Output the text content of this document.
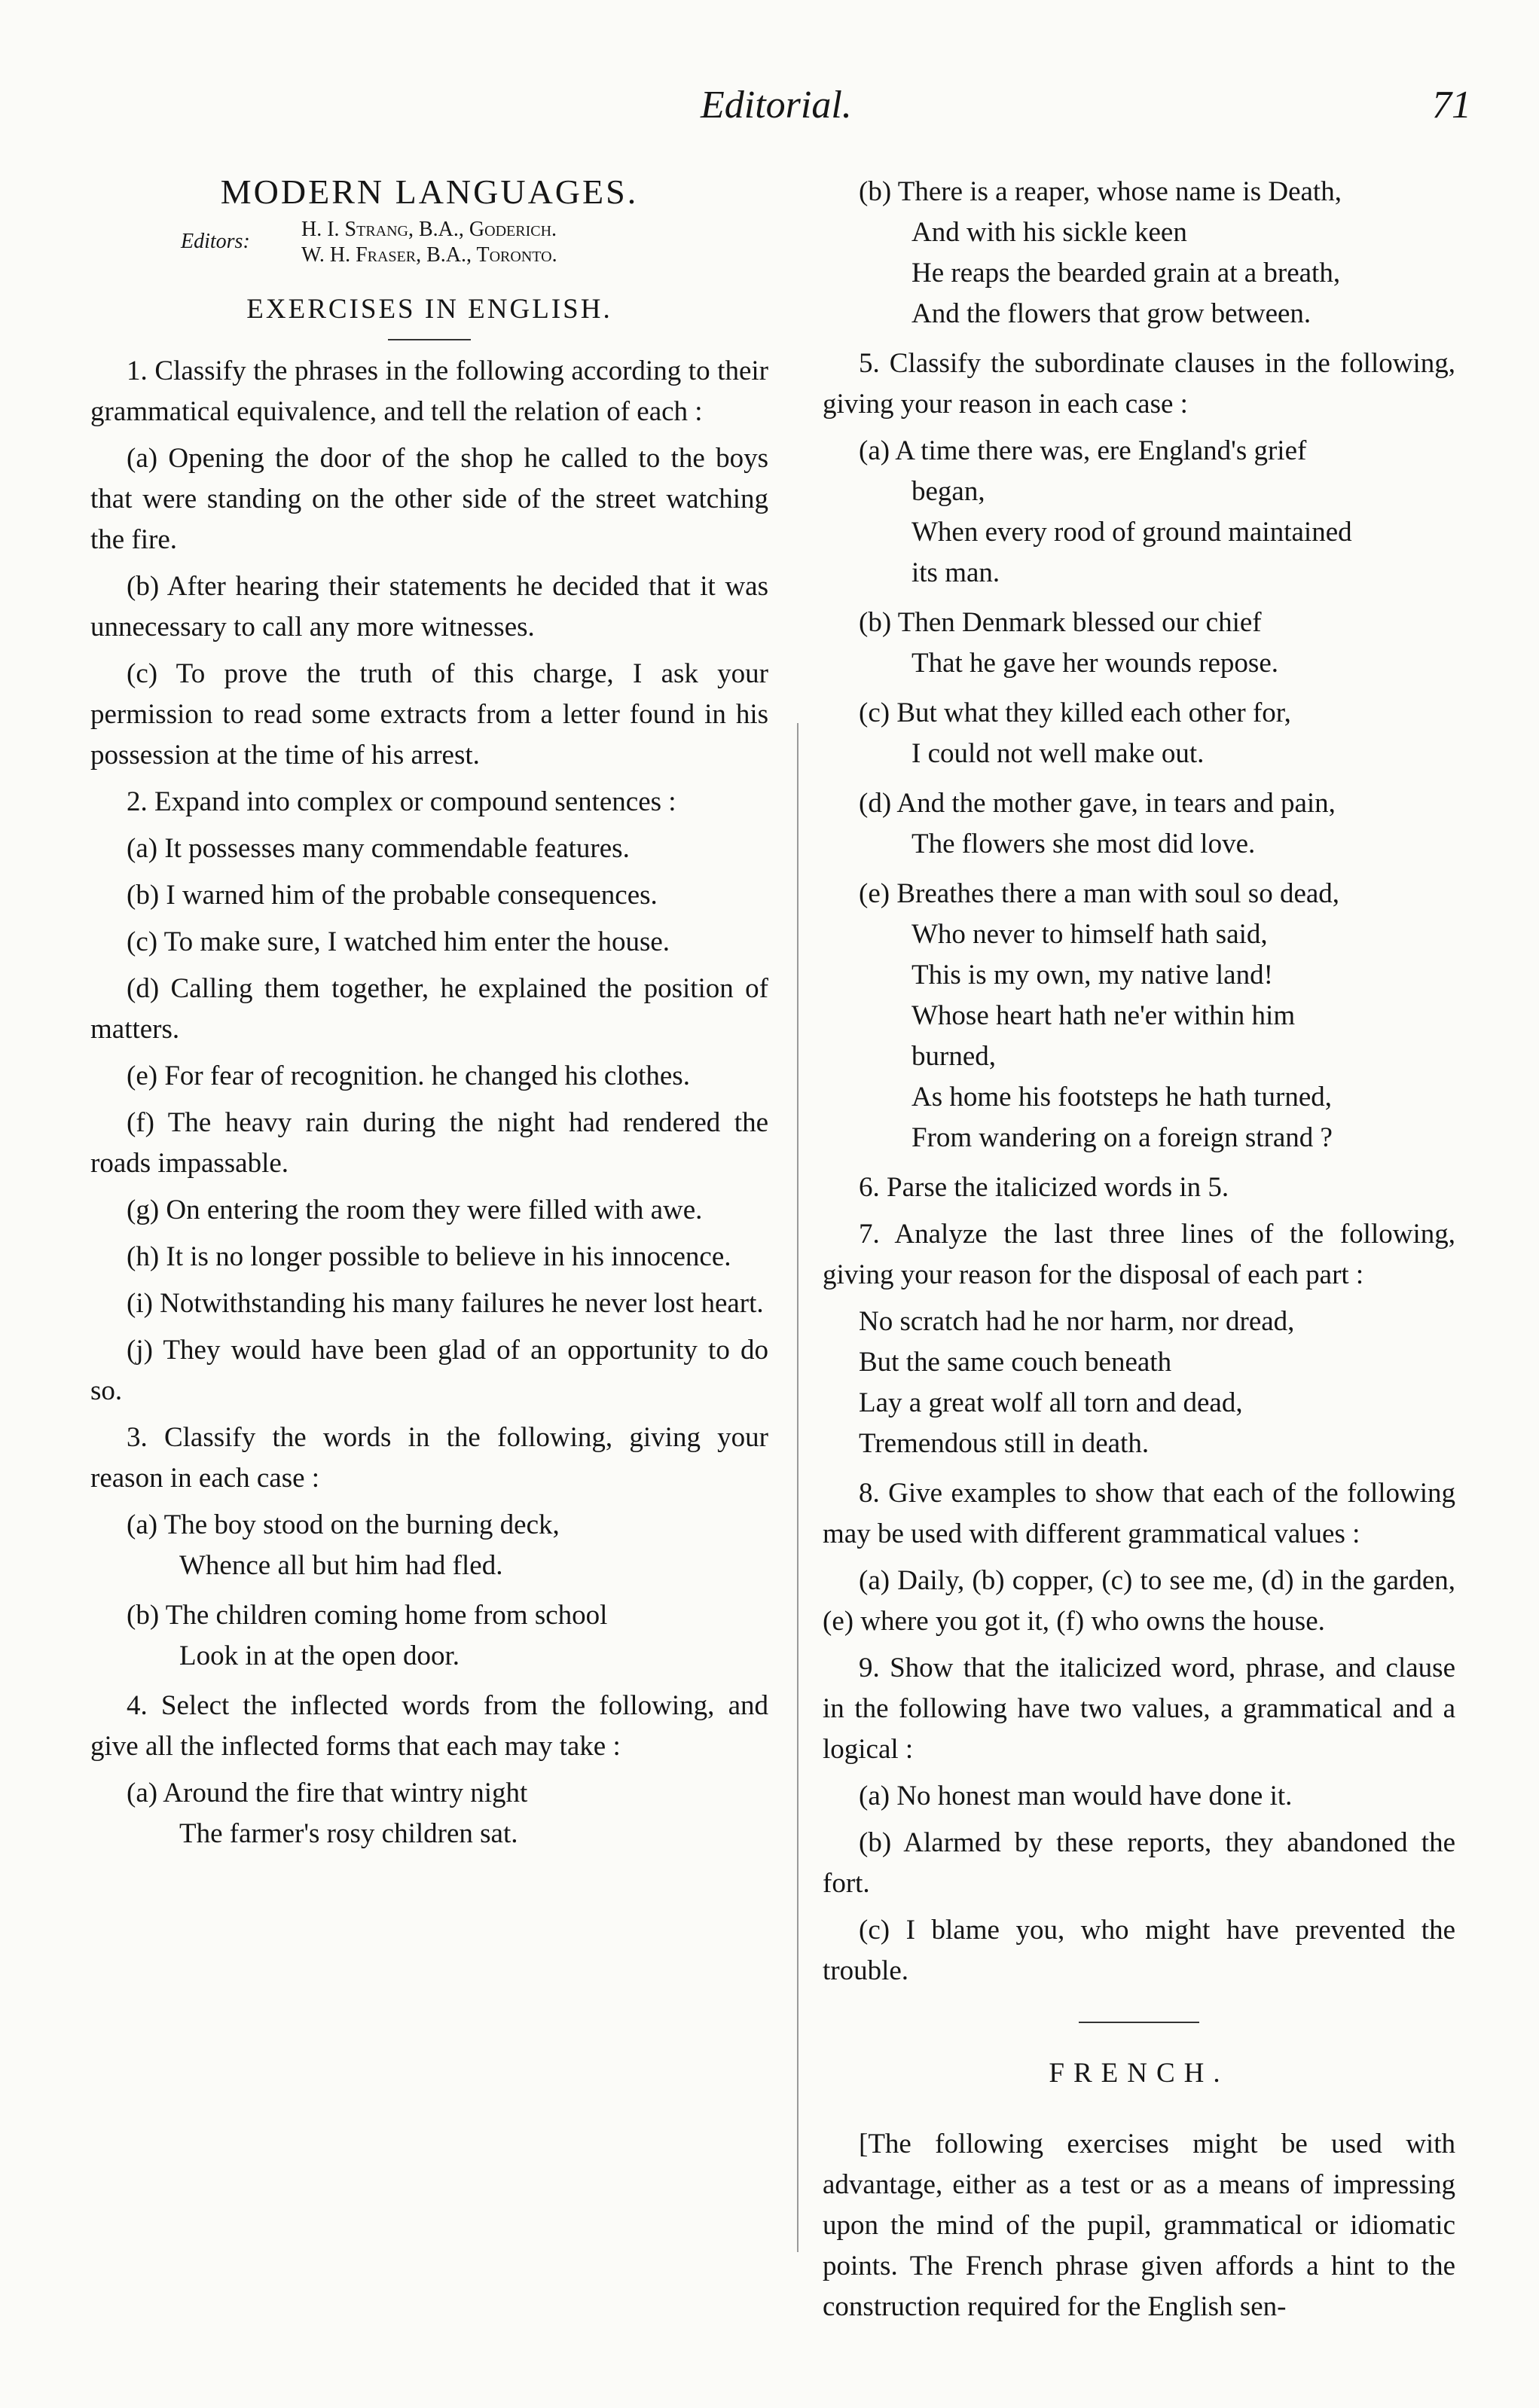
Editorial.	71
MODERN LANGUAGES.
Editors:
H. I. Strang, B.A., Goderich.
W. H. Fraser, B.A., Toronto.
EXERCISES IN ENGLISH.

1. Classify the phrases in the following according to their grammatical equivalence, and tell the relation of each :

(a) Opening the door of the shop he called to the boys that were standing on the other side of the street watching the fire.

(b) After hearing their statements he decided that it was unnecessary to call any more witnesses.

(c) To prove the truth of this charge, I ask your permission to read some extracts from a letter found in his possession at the time of his arrest.

2. Expand into complex or compound sentences :

(a) It possesses many commendable features.

(b) I warned him of the probable consequences.

(c) To make sure, I watched him enter the house.

(d) Calling them together, he explained the position of matters.

(e) For fear of recognition. he changed his clothes.

(f) The heavy rain during the night had rendered the roads impassable.

(g) On entering the room they were filled with awe.

(h) It is no longer possible to believe in his innocence.

(i) Notwithstanding his many failures he never lost heart.

(j) They would have been glad of an opportunity to do so.

3. Classify the words in the following, giving your reason in each case :

(a) The boy stood on the burning deck,
Whence all but him had fled.
(b) The children coming home from school
Look in at the open door.

4. Select the inflected words from the following, and give all the inflected forms that each may take :

(a) Around the fire that wintry night
The farmer's rosy children sat.
(b) There is a reaper, whose name is Death,
And with his sickle keen
He reaps the bearded grain at a breath,
And the flowers that grow between.

5. Classify the subordinate clauses in the following, giving your reason in each case :

(a) A time there was, ere England's grief
began,
When every rood of ground maintained
its man.
(b) Then Denmark blessed our chief
That he gave her wounds repose.
(c) But what they killed each other for,
I could not well make out.
(d) And the mother gave, in tears and pain,
The flowers she most did love.
(e) Breathes there a man with soul so dead,
Who never to himself hath said,
This is my own, my native land!
Whose heart hath ne'er within him
burned,
As home his footsteps he hath turned,
From wandering on a foreign strand ?

6. Parse the italicized words in 5.

7. Analyze the last three lines of the following, giving your reason for the disposal of each part :

No scratch had he nor harm, nor dread,
But the same couch beneath
Lay a great wolf all torn and dead,
Tremendous still in death.

8. Give examples to show that each of the following may be used with different grammatical values :

(a) Daily, (b) copper, (c) to see me, (d) in the garden, (e) where you got it, (f) who owns the house.

9. Show that the italicized word, phrase, and clause in the following have two values, a grammatical and a logical :

(a) No honest man would have done it.

(b) Alarmed by these reports, they abandoned the fort.

(c) I blame you, who might have prevented the trouble.

FRENCH.

[The following exercises might be used with advantage, either as a test or as a means of impressing upon the mind of the pupil, grammatical or idiomatic points. The French phrase given affords a hint to the construction required for the English sen-
